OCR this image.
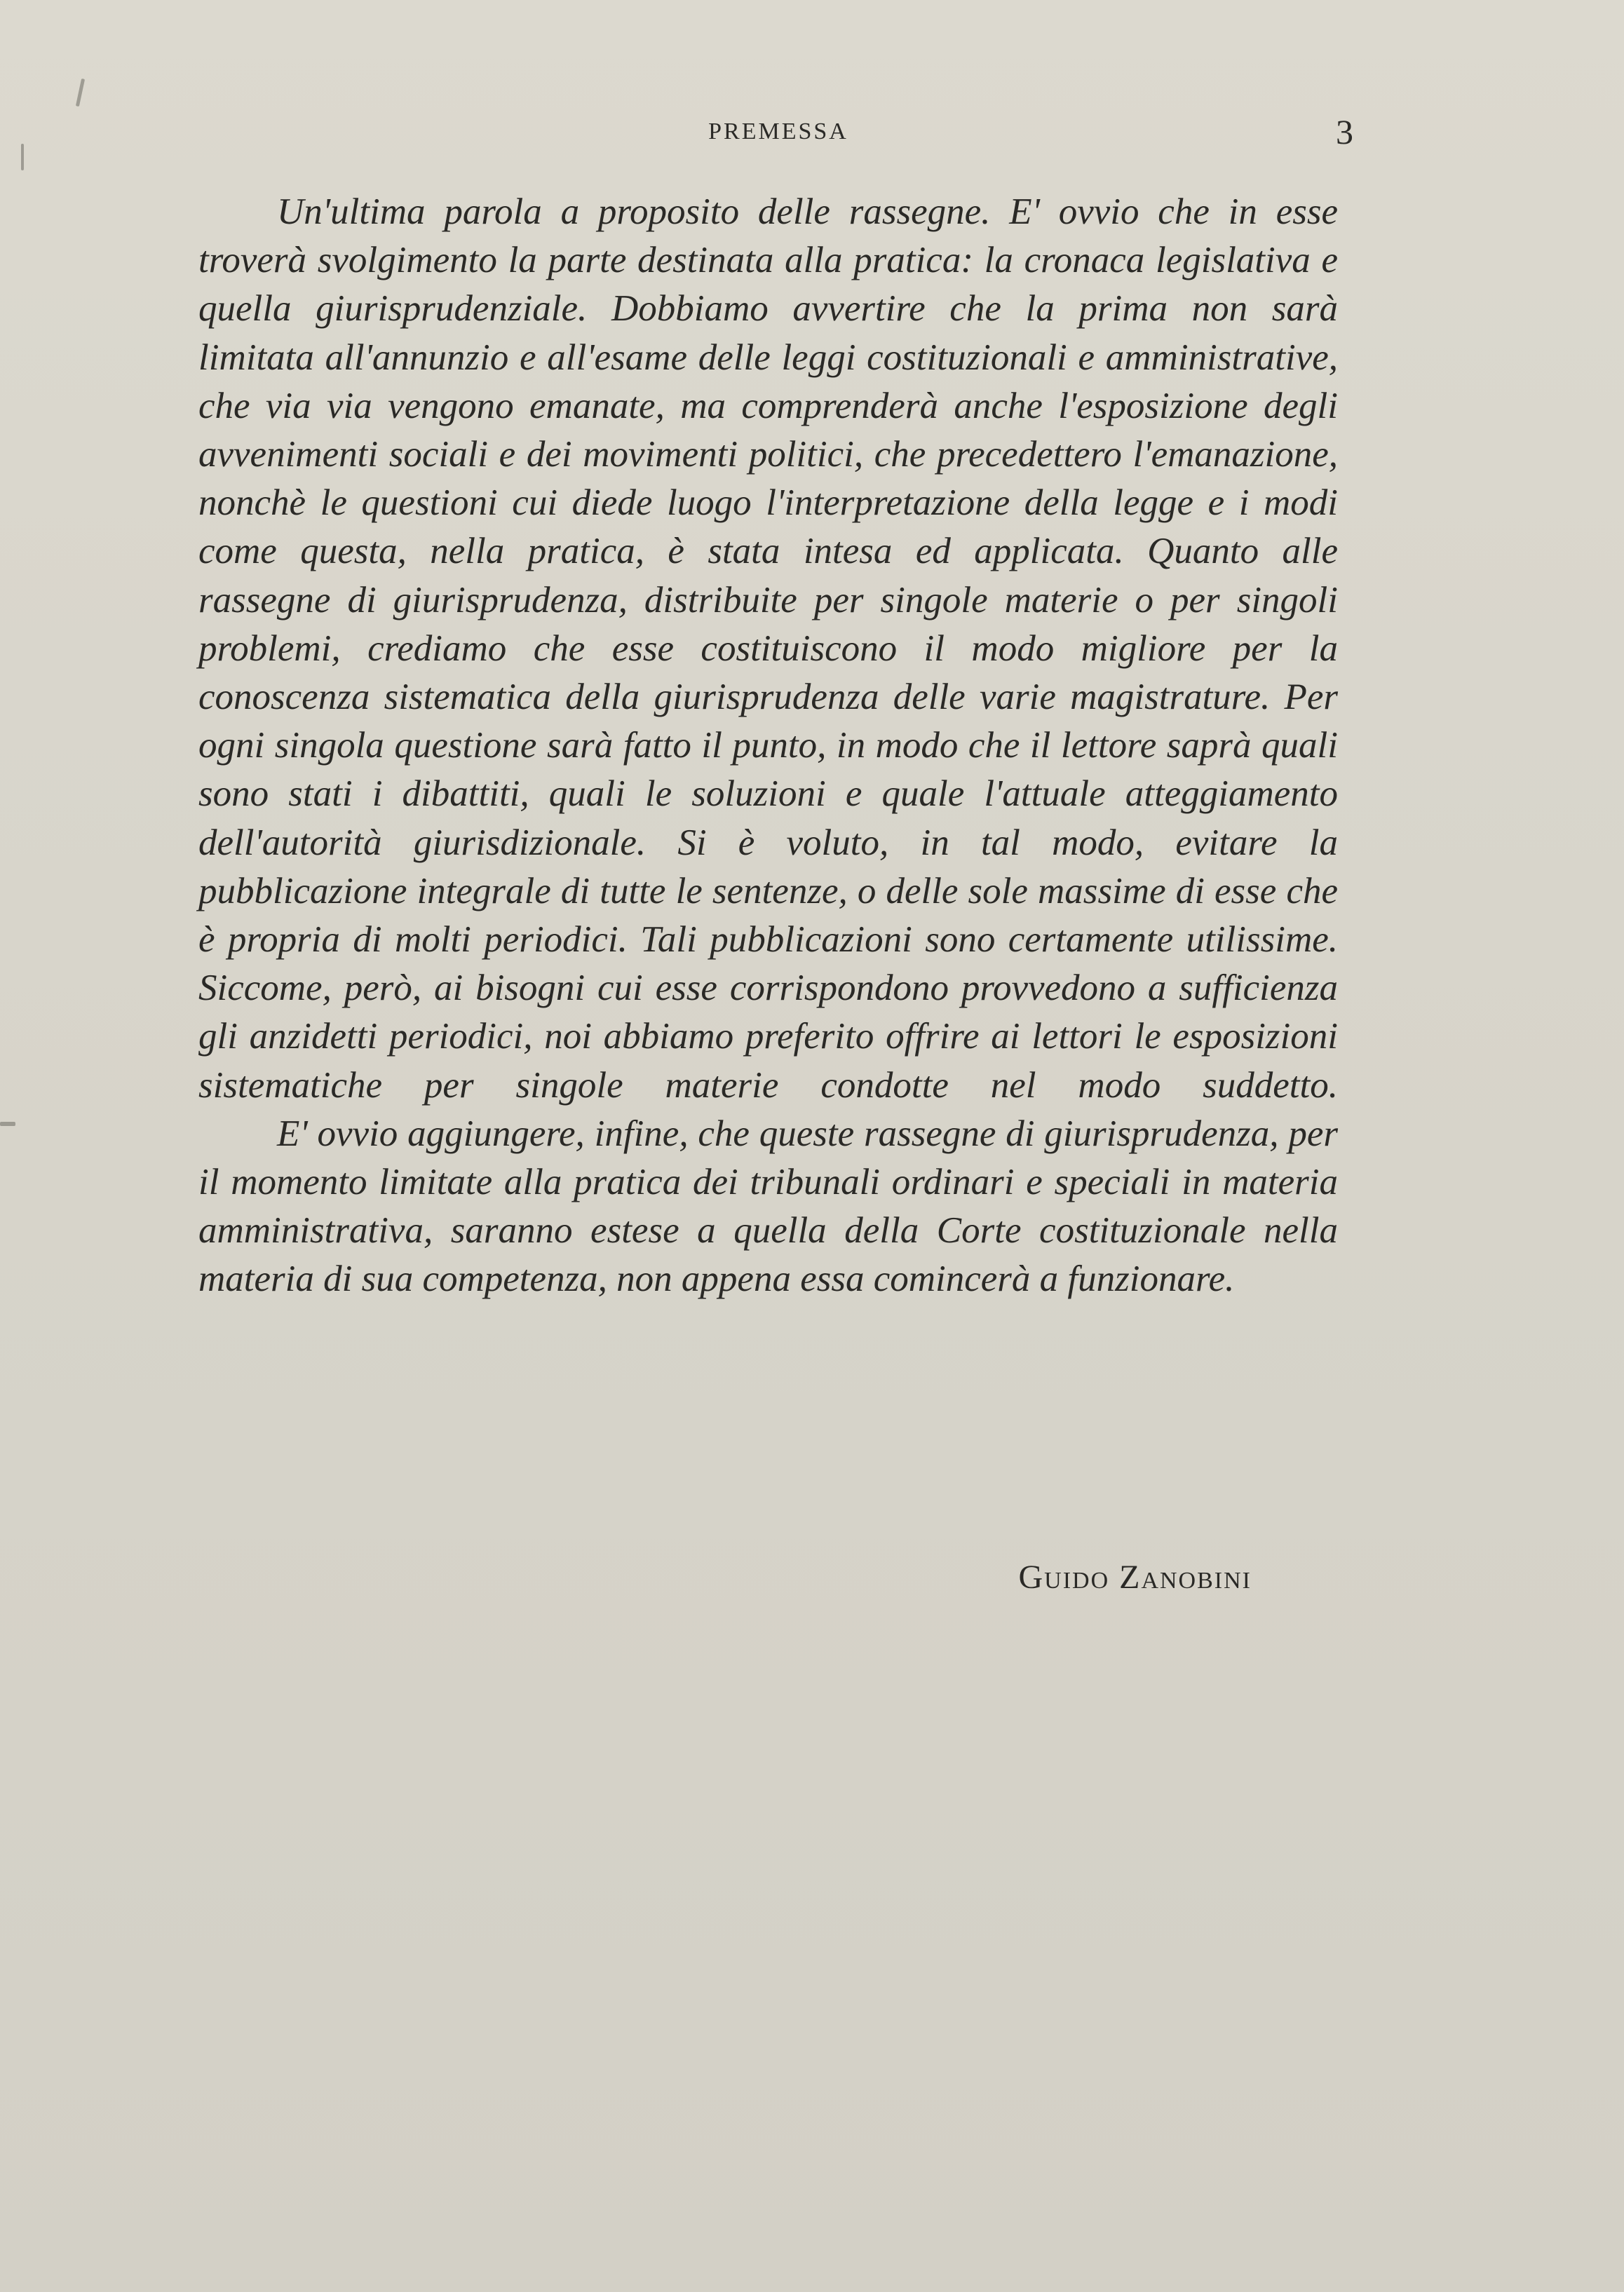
PREMESSA	3

Un'ultima parola a proposito delle rassegne. E' ovvio che in esse troverà svolgimento la parte destinata alla pratica: la cronaca legislativa e quella giurisprudenziale. Dobbiamo avvertire che la prima non sarà limitata all'annunzio e all'esame delle leggi costituzionali e amministrative, che via via vengono emanate, ma comprenderà anche l'esposizione degli avvenimenti sociali e dei movimenti politici, che precedettero l'emanazione, nonchè le questioni cui diede luogo l'interpretazione della legge e i modi come questa, nella pratica, è stata intesa ed applicata. Quanto alle rassegne di giurisprudenza, distribuite per singole materie o per singoli problemi, crediamo che esse costituiscono il modo migliore per la conoscenza sistematica della giurisprudenza delle varie magistrature. Per ogni singola questione sarà fatto il punto, in modo che il lettore saprà quali sono stati i dibattiti, quali le soluzioni e quale l'attuale atteggiamento dell'autorità giurisdizionale. Si è voluto, in tal modo, evitare la pubblicazione integrale di tutte le sentenze, o delle sole massime di esse che è propria di molti periodici. Tali pubblicazioni sono certamente utilissime. Siccome, però, ai bisogni cui esse corrispondono provvedono a sufficienza gli anzidetti periodici, noi abbiamo preferito offrire ai lettori le esposizioni sistematiche per singole materie condotte nel modo suddetto.

E' ovvio aggiungere, infine, che queste rassegne di giurisprudenza, per il momento limitate alla pratica dei tribunali ordinari e speciali in materia amministrativa, saranno estese a quella della Corte costituzionale nella materia di sua competenza, non appena essa comincerà a funzionare.

Guido Zanobini
